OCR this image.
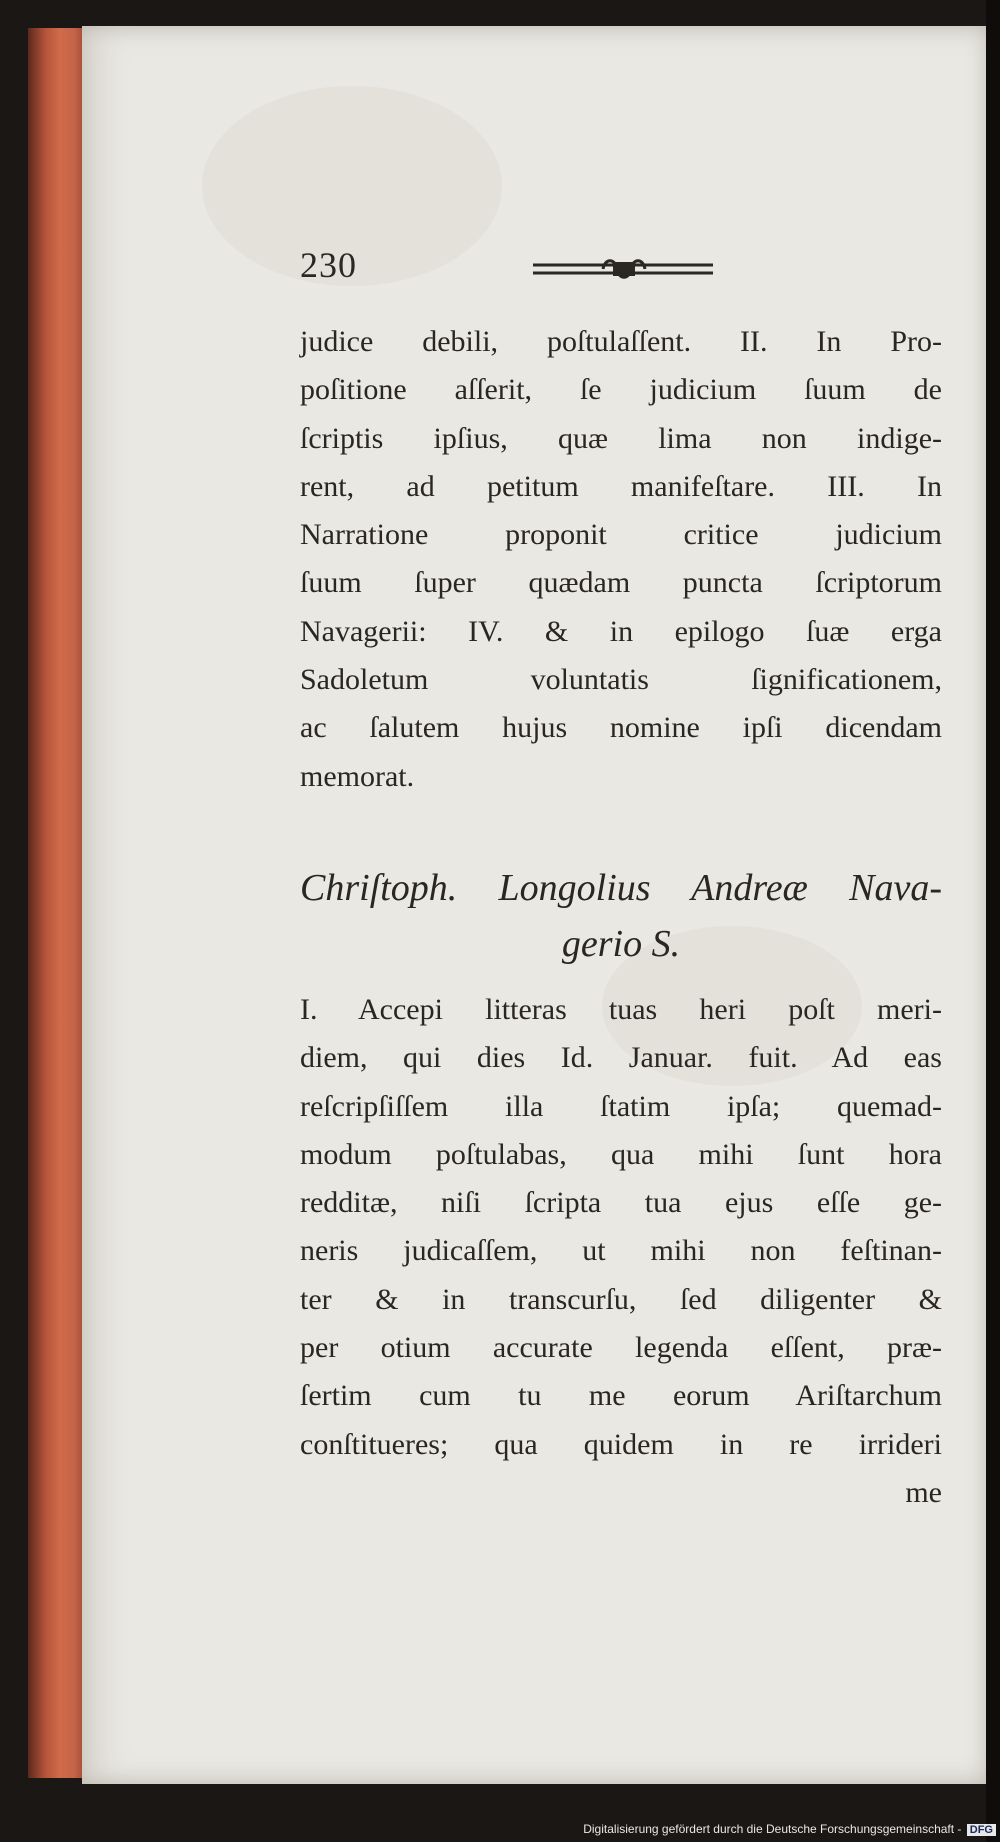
230
judice debili, poſtulaſſent. II. In Pro-
poſitione aſſerit, ſe judicium ſuum de
ſcriptis ipſius, quæ lima non indige-
rent, ad petitum manifeſtare. III. In
Narratione proponit critice judicium
ſuum ſuper quædam puncta ſcriptorum
Navagerii: IV. & in epilogo ſuæ erga
Sadoletum voluntatis ſignificationem,
ac ſalutem hujus nomine ipſi dicendam
memorat.
Chriſtoph. Longolius Andreæ Nava-
gerio S.
I. Accepi litteras tuas heri poſt meri-
diem, qui dies Id. Januar. fuit. Ad eas
reſcripſiſſem illa ſtatim ipſa; quemad-
modum poſtulabas, qua mihi ſunt hora
redditæ, niſi ſcripta tua ejus eſſe ge-
neris judicaſſem, ut mihi non feſtinan-
ter & in transcurſu, ſed diligenter &
per otium accurate legenda eſſent, præ-
ſertim cum tu me eorum Ariſtarchum
conſtitueres; qua quidem in re irrideri
me
Digitalisierung gefördert durch die Deutsche Forschungsgemeinschaft - DFG
